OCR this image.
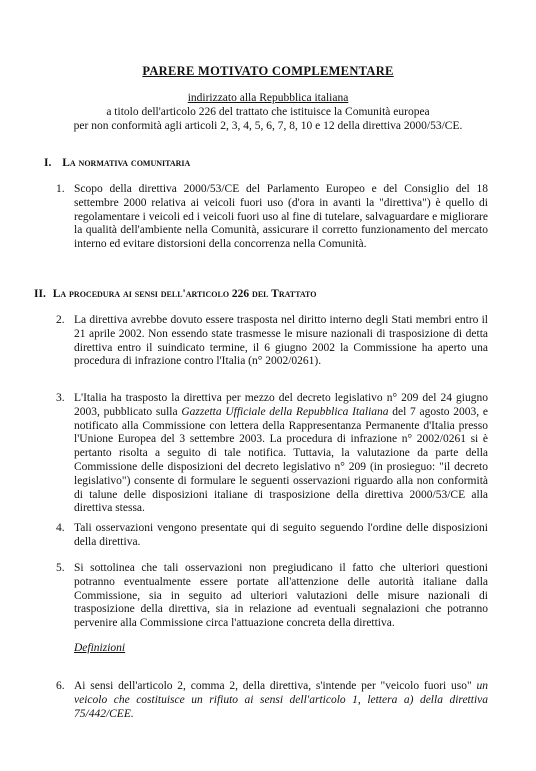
PARERE MOTIVATO COMPLEMENTARE
indirizzato alla Repubblica italiana
a titolo dell'articolo 226 del trattato che istituisce la Comunità europea
per non conformità agli articoli 2, 3, 4, 5, 6, 7, 8, 10 e 12 della direttiva 2000/53/CE.
I. La normativa comunitaria
1. Scopo della direttiva 2000/53/CE del Parlamento Europeo e del Consiglio del 18 settembre 2000 relativa ai veicoli fuori uso (d'ora in avanti la "direttiva") è quello di regolamentare i veicoli ed i veicoli fuori uso al fine di tutelare, salvaguardare e migliorare la qualità dell'ambiente nella Comunità, assicurare il corretto funzionamento del mercato interno ed evitare distorsioni della concorrenza nella Comunità.
II. La procedura ai sensi dell'articolo 226 del Trattato
2. La direttiva avrebbe dovuto essere trasposta nel diritto interno degli Stati membri entro il 21 aprile 2002. Non essendo state trasmesse le misure nazionali di trasposizione di detta direttiva entro il suindicato termine, il 6 giugno 2002 la Commissione ha aperto una procedura di infrazione contro l'Italia (n° 2002/0261).
3. L'Italia ha trasposto la direttiva per mezzo del decreto legislativo n° 209 del 24 giugno 2003, pubblicato sulla Gazzetta Ufficiale della Repubblica Italiana del 7 agosto 2003, e notificato alla Commissione con lettera della Rappresentanza Permanente d'Italia presso l'Unione Europea del 3 settembre 2003. La procedura di infrazione n° 2002/0261 si è pertanto risolta a seguito di tale notifica. Tuttavia, la valutazione da parte della Commissione delle disposizioni del decreto legislativo n° 209 (in prosieguo: "il decreto legislativo") consente di formulare le seguenti osservazioni riguardo alla non conformità di talune delle disposizioni italiane di trasposizione della direttiva 2000/53/CE alla direttiva stessa.
4. Tali osservazioni vengono presentate qui di seguito seguendo l'ordine delle disposizioni della direttiva.
5. Si sottolinea che tali osservazioni non pregiudicano il fatto che ulteriori questioni potranno eventualmente essere portate all'attenzione delle autorità italiane dalla Commissione, sia in seguito ad ulteriori valutazioni delle misure nazionali di trasposizione della direttiva, sia in relazione ad eventuali segnalazioni che potranno pervenire alla Commissione circa l'attuazione concreta della direttiva.
Definizioni
6. Ai sensi dell'articolo 2, comma 2, della direttiva, s'intende per "veicolo fuori uso" un veicolo che costituisce un rifiuto ai sensi dell'articolo 1, lettera a) della direttiva 75/442/CEE.
